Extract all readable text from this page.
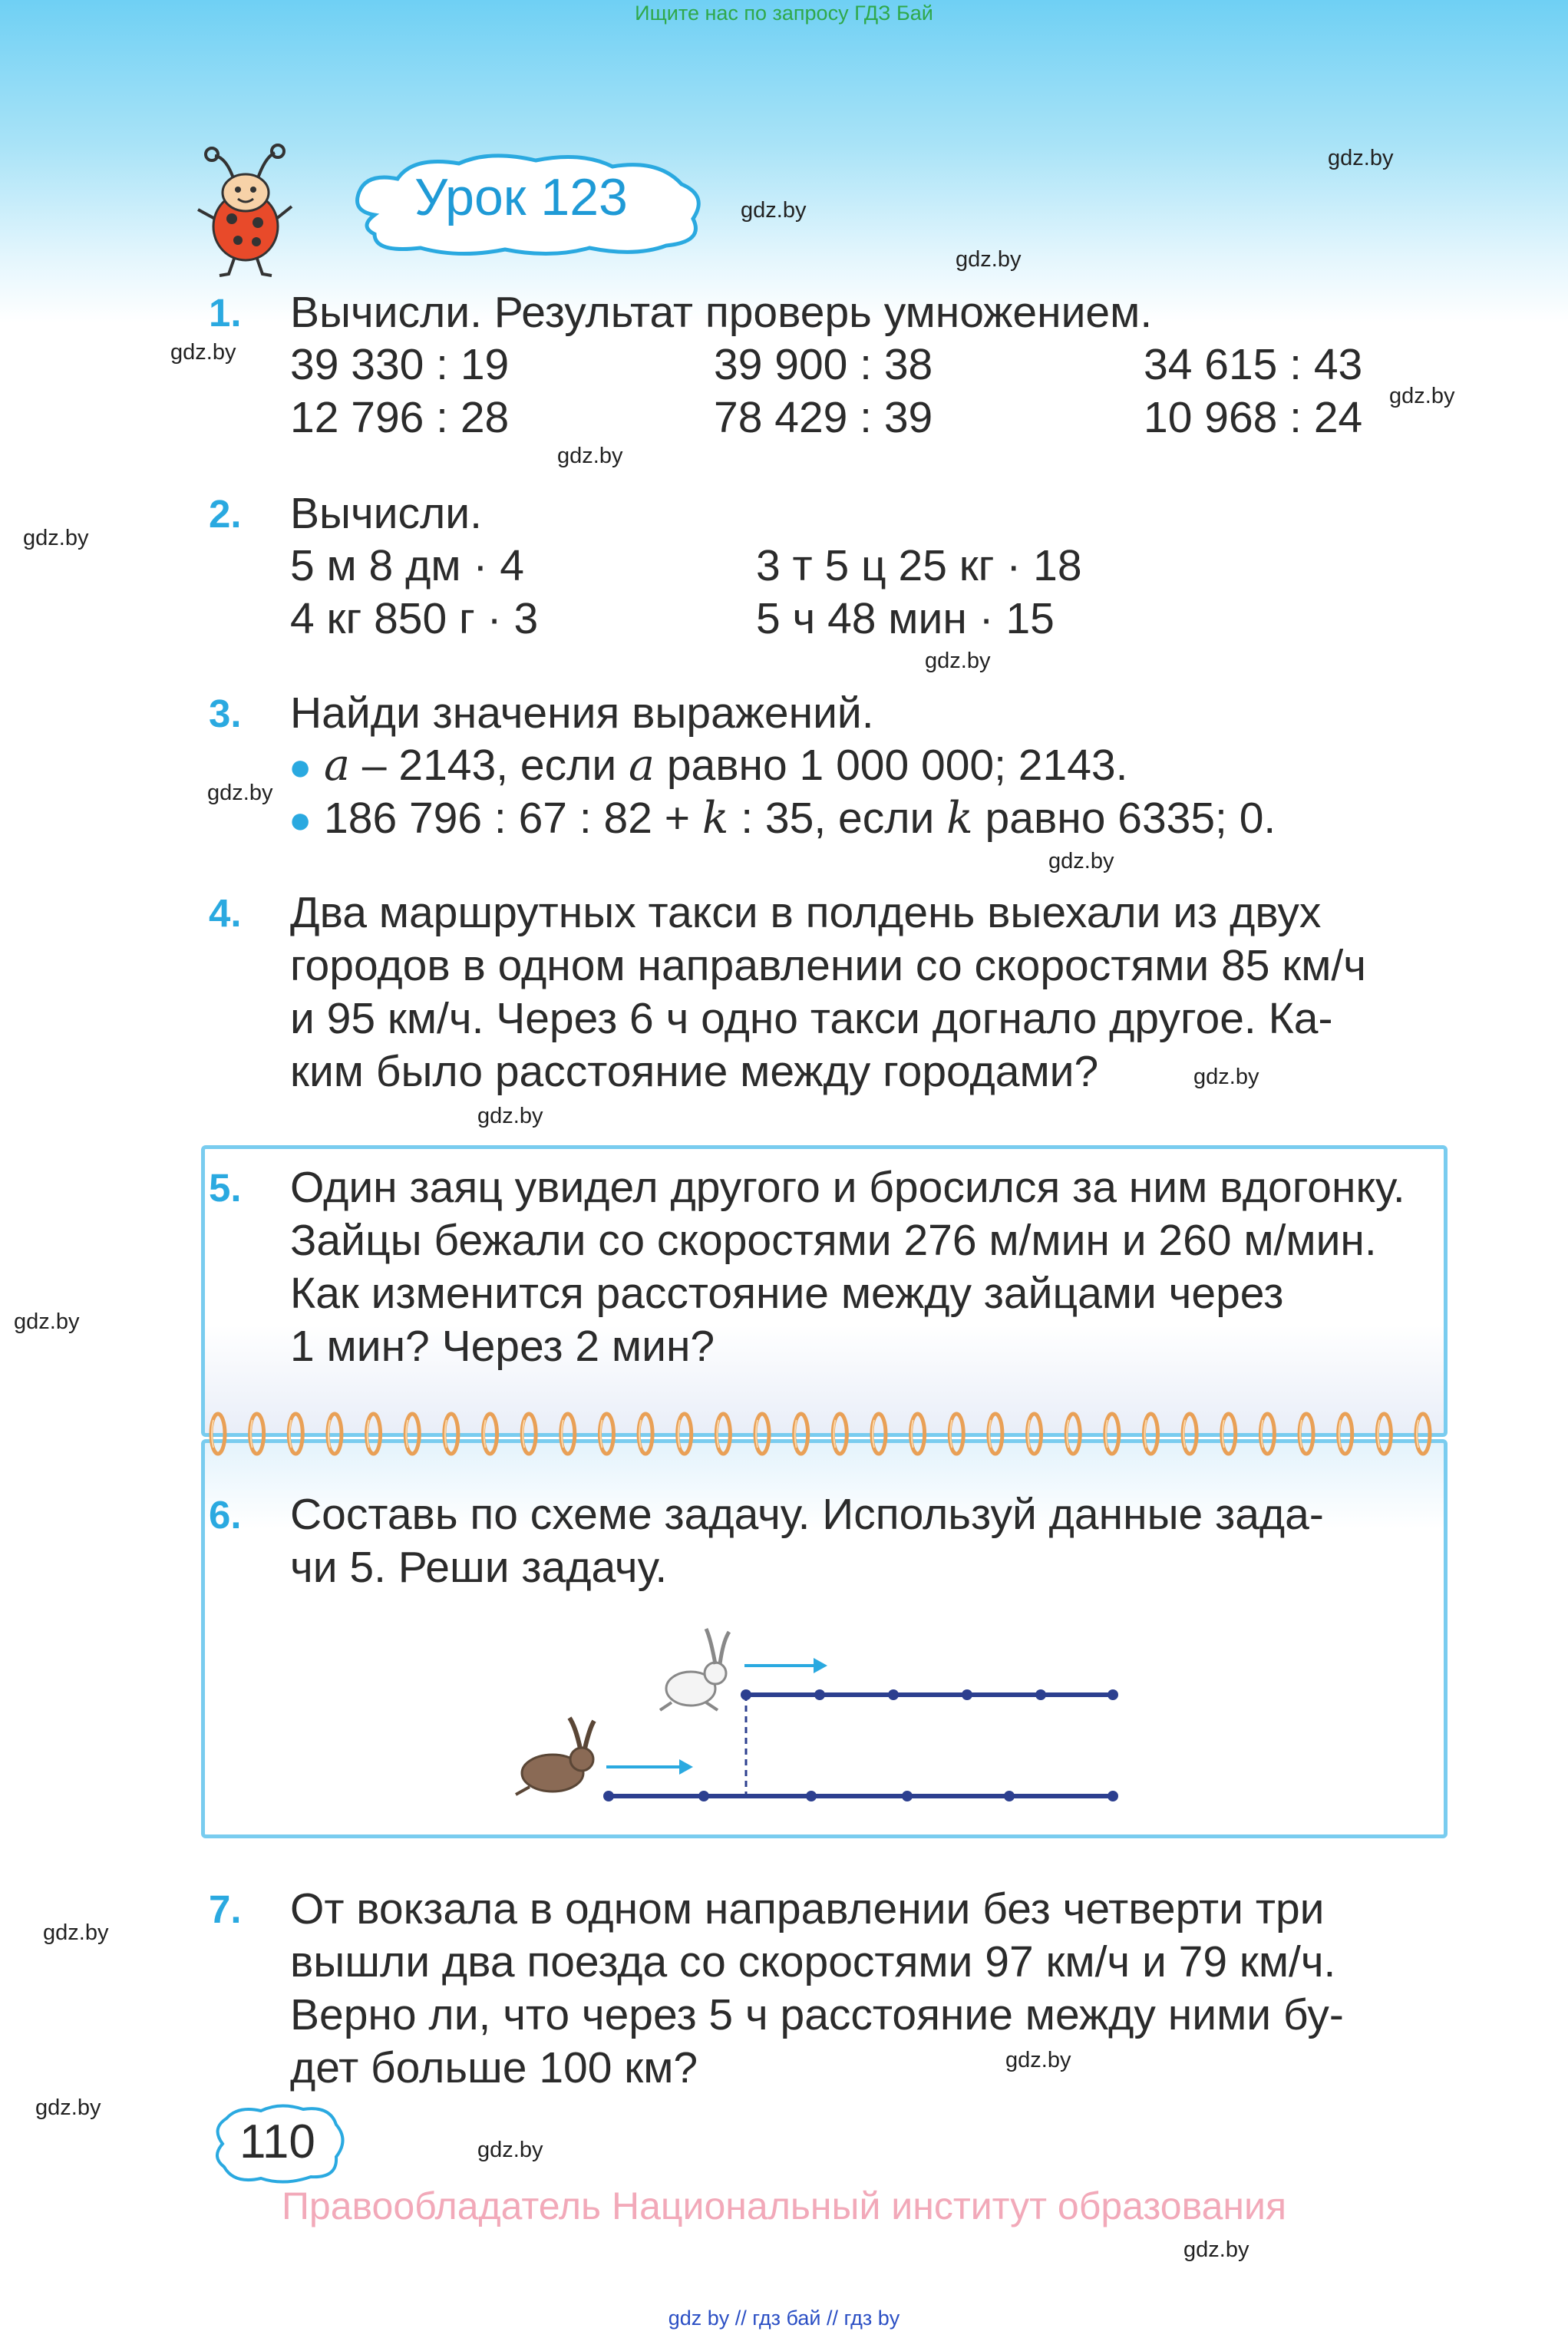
Ищите нас по запросу ГДЗ Бай
Урок 123
gdz.by
gdz.by
gdz.by
gdz.by
gdz.by
gdz.by
gdz.by
gdz.by
gdz.by
gdz.by
gdz.by
gdz.by
gdz.by
gdz.by
gdz.by
gdz.by
gdz.by
gdz.by
1. Вычисли. Результат проверь умножением.
39 330 : 19	39 900 : 38	34 615 : 43
12 796 : 28	78 429 : 39	10 968 : 24
2. Вычисли.
5 м 8 дм · 4	3 т 5 ц 25 кг · 18
4 кг 850 г · 3	5 ч 48 мин · 15
3. Найди значения выражений.
● a – 2143, если a равно 1 000 000; 2143.
● 186 796 : 67 : 82 + k : 35, если k равно 6335; 0.
4. Два маршрутных такси в полдень выехали из двух
городов в одном направлении со скоростями 85 км/ч
и 95 км/ч. Через 6 ч одно такси догнало другое. Ка-
ким было расстояние между городами?
5. Один заяц увидел другого и бросился за ним вдогонку.
Зайцы бежали со скоростями 276 м/мин и 260 м/мин.
Как изменится расстояние между зайцами через
1 мин? Через 2 мин?
6. Составь по схеме задачу. Используй данные зада-
чи 5. Реши задачу.
7. От вокзала в одном направлении без четверти три
вышли два поезда со скоростями 97 км/ч и 79 км/ч.
Верно ли, что через 5 ч расстояние между ними бу-
дет больше 100 км?
110
Правообладатель Национальный институт образования
gdz by // гдз бай // гдз by
